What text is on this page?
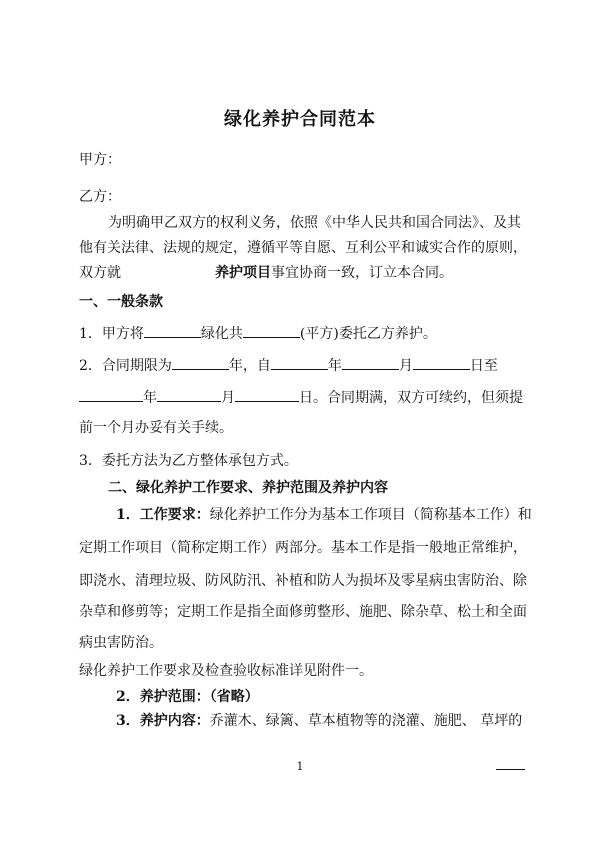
绿化养护合同范本
甲方：
乙方：
为明确甲乙双方的权利义务，依照《中华人民共和国合同法》、及其
他有关法律、法规的规定，遵循平等自愿、互利公平和诚实合作的原则，
双方就	养护项目事宜协商一致，订立本合同。
一、一般条款
1．甲方将	绿化共	(平方)委托乙方养护。
2．合同期限为	年，自	年	月	日至
年	月	日。合同期满，双方可续约，但须提
前一个月办妥有关手续。
3．委托方法为乙方整体承包方式。
二、绿化养护工作要求、养护范围及养护内容
1．工作要求：绿化养护工作分为基本工作项目（简称基本工作）和
定期工作项目（简称定期工作）两部分。基本工作是指一般地正常维护，
即浇水、清理垃圾、防风防汛、补植和防人为损坏及零星病虫害防治、除
杂草和修剪等；定期工作是指全面修剪整形、施肥、除杂草、松土和全面
病虫害防治。
绿化养护工作要求及检查验收标准详见附件一。
2．养护范围：（省略）
3．养护内容：乔灌木、绿篱、草本植物等的浇灌、施肥、 草坪的
1
